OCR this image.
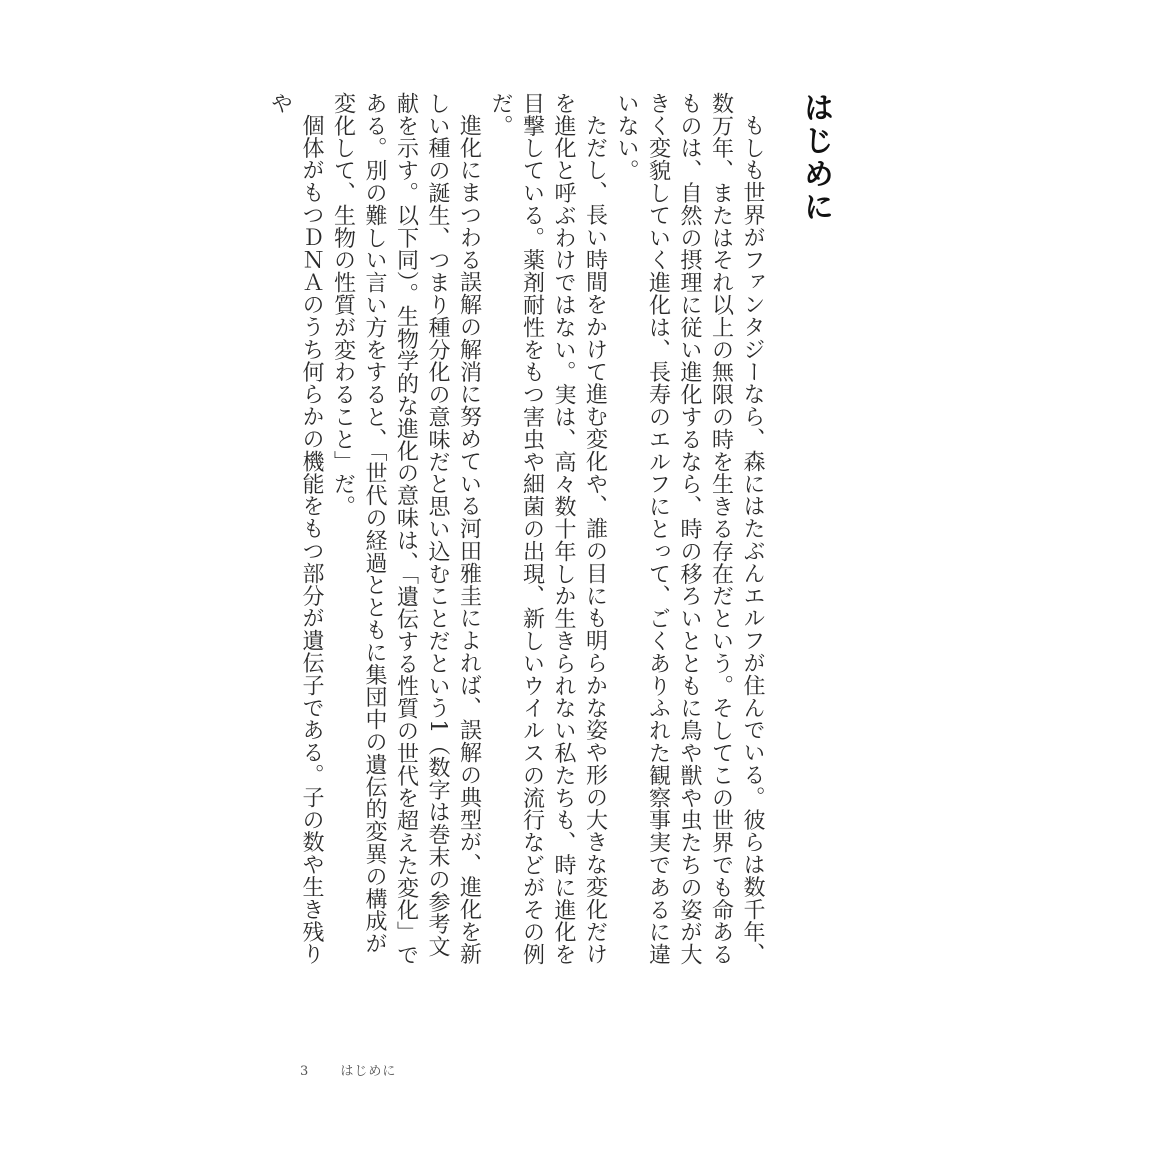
はじめに

もしも世界がファンタジーなら、森にはたぶんエルフが住んでいる。彼らは数千年、数万年、またはそれ以上の無限の時を生きる存在だという。そしてこの世界でも命あるものは、自然の摂理に従い進化するなら、時の移ろいとともに鳥や獣や虫たちの姿が大きく変貌していく進化は、長寿のエルフにとって、ごくありふれた観察事実であるに違いない。

ただし、長い時間をかけて進む変化や、誰の目にも明らかな姿や形の大きな変化だけを進化と呼ぶわけではない。実は、高々数十年しか生きられない私たちも、時に進化を目撃している。薬剤耐性をもつ害虫や細菌の出現、新しいウイルスの流行などがその例だ。

進化にまつわる誤解の解消に努めている河田雅圭によれば、誤解の典型が、進化を新しい種の誕生、つまり種分化の意味だと思い込むことだという1（数字は巻末の参考文献を示す。以下同）。生物学的な進化の意味は、「遺伝する性質の世代を超えた変化」である。別の難しい言い方をすると、「世代の経過とともに集団中の遺伝的変異の構成が変化して、生物の性質が変わること」だ。

個体がもつＤＮＡのうち何らかの機能をもつ部分が遺伝子である。子の数や生き残りや

3 はじめに
